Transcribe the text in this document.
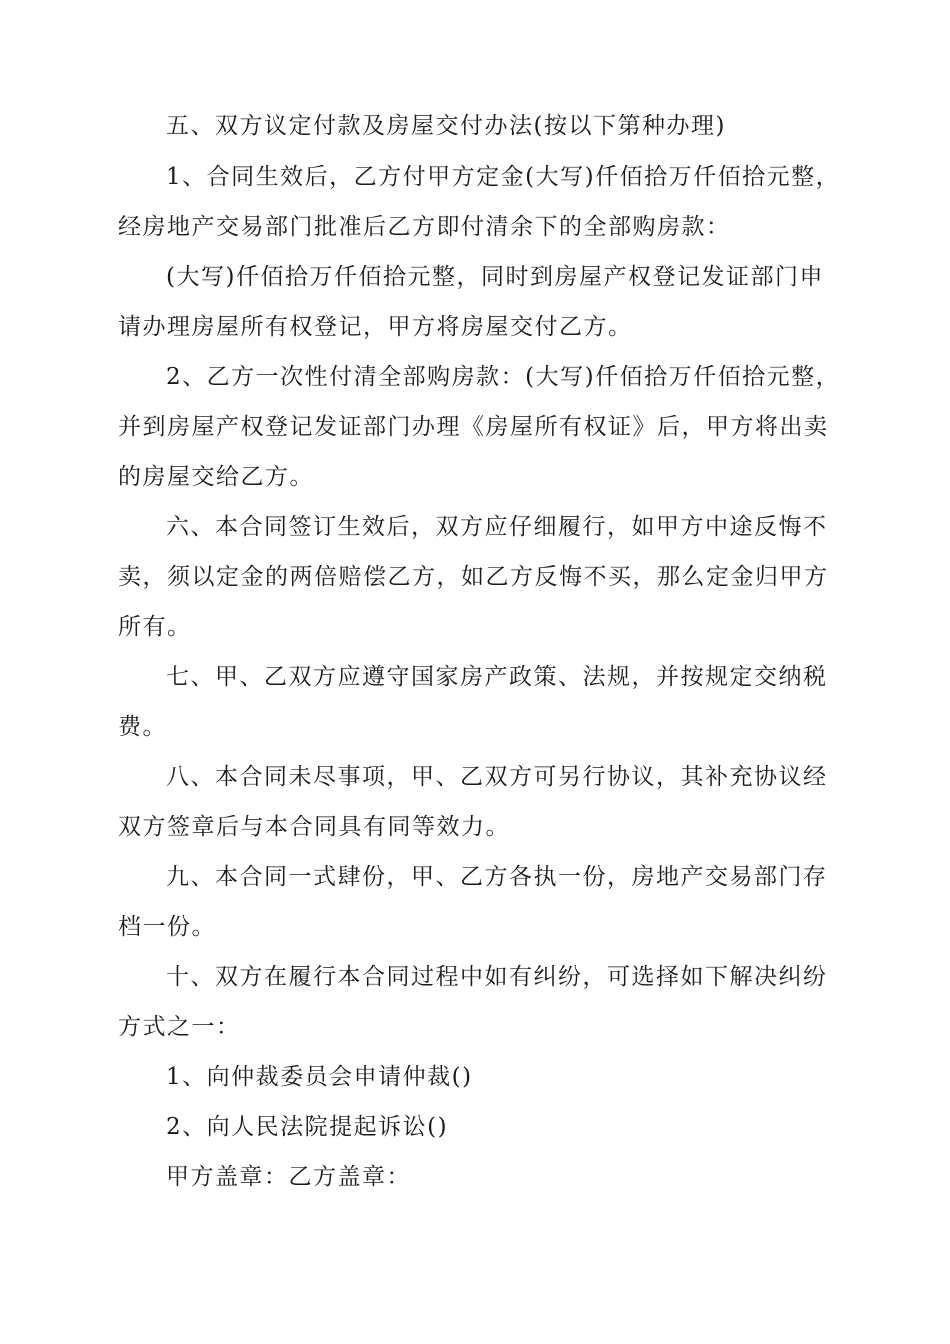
五、双方议定付款及房屋交付办法(按以下第种办理)
1、合同生效后，乙方付甲方定金(大写)仟佰拾万仟佰拾元整，
经房地产交易部门批准后乙方即付清余下的全部购房款：
(大写)仟佰拾万仟佰拾元整，同时到房屋产权登记发证部门申
请办理房屋所有权登记，甲方将房屋交付乙方。
2、乙方一次性付清全部购房款：(大写)仟佰拾万仟佰拾元整，
并到房屋产权登记发证部门办理《房屋所有权证》后，甲方将出卖
的房屋交给乙方。
六、本合同签订生效后，双方应仔细履行，如甲方中途反悔不
卖，须以定金的两倍赔偿乙方，如乙方反悔不买，那么定金归甲方
所有。
七、甲、乙双方应遵守国家房产政策、法规，并按规定交纳税
费。
八、本合同未尽事项，甲、乙双方可另行协议，其补充协议经
双方签章后与本合同具有同等效力。
九、本合同一式肆份，甲、乙方各执一份，房地产交易部门存
档一份。
十、双方在履行本合同过程中如有纠纷，可选择如下解决纠纷
方式之一：
1、向仲裁委员会申请仲裁()
2、向人民法院提起诉讼()
甲方盖章：乙方盖章：
